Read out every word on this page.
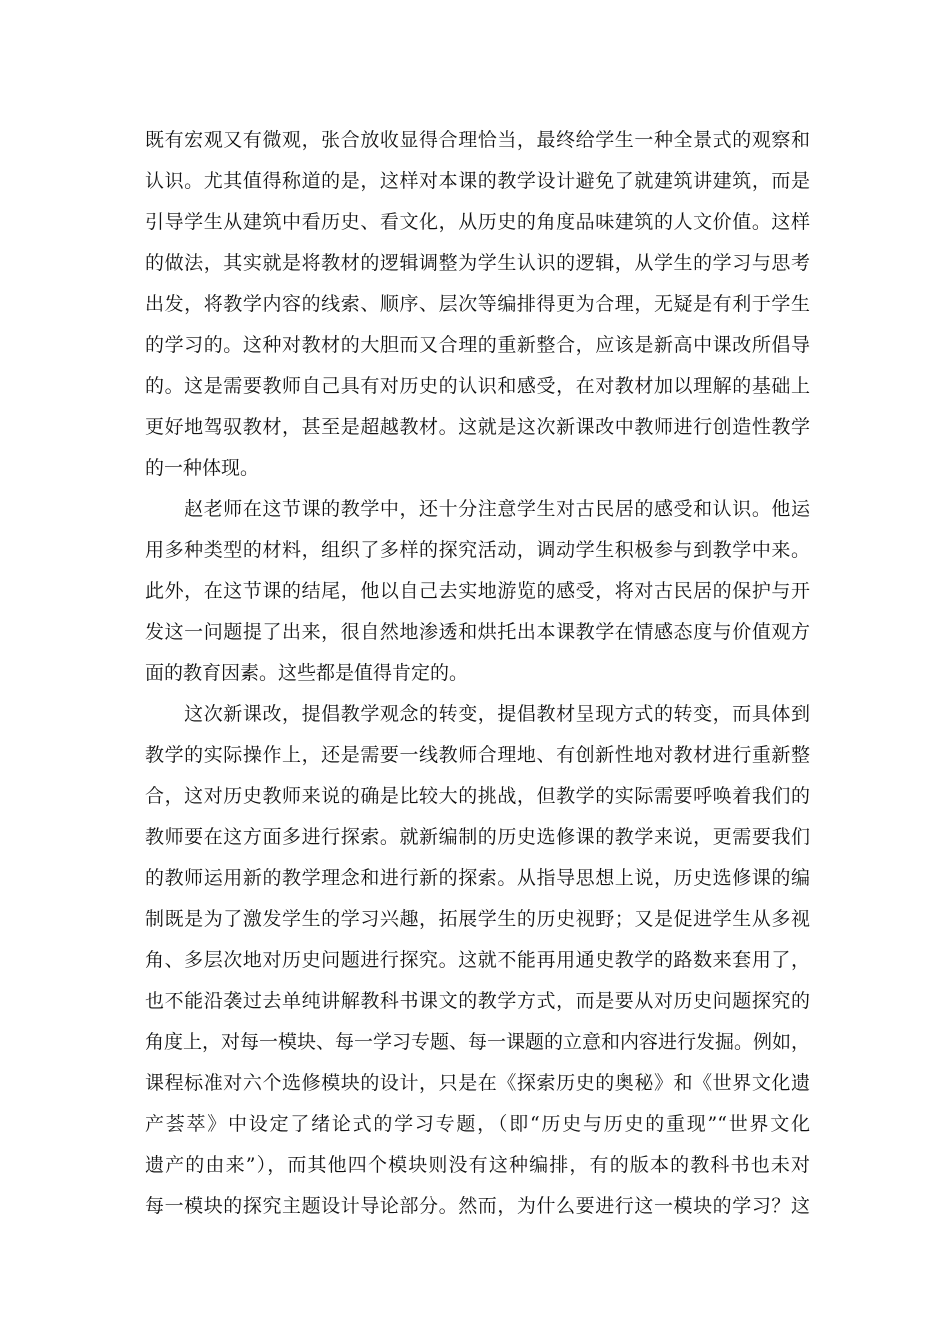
既有宏观又有微观，张合放收显得合理恰当，最终给学生一种全景式的观察和
认识。尤其值得称道的是，这样对本课的教学设计避免了就建筑讲建筑，而是
引导学生从建筑中看历史、看文化，从历史的角度品味建筑的人文价值。这样
的做法，其实就是将教材的逻辑调整为学生认识的逻辑，从学生的学习与思考
出发，将教学内容的线索、顺序、层次等编排得更为合理，无疑是有利于学生
的学习的。这种对教材的大胆而又合理的重新整合，应该是新高中课改所倡导
的。这是需要教师自己具有对历史的认识和感受，在对教材加以理解的基础上
更好地驾驭教材，甚至是超越教材。这就是这次新课改中教师进行创造性教学
的一种体现。
　　赵老师在这节课的教学中，还十分注意学生对古民居的感受和认识。他运
用多种类型的材料，组织了多样的探究活动，调动学生积极参与到教学中来。
此外，在这节课的结尾，他以自己去实地游览的感受，将对古民居的保护与开
发这一问题提了出来，很自然地渗透和烘托出本课教学在情感态度与价值观方
面的教育因素。这些都是值得肯定的。
　　这次新课改，提倡教学观念的转变，提倡教材呈现方式的转变，而具体到
教学的实际操作上，还是需要一线教师合理地、有创新性地对教材进行重新整
合，这对历史教师来说的确是比较大的挑战，但教学的实际需要呼唤着我们的
教师要在这方面多进行探索。就新编制的历史选修课的教学来说，更需要我们
的教师运用新的教学理念和进行新的探索。从指导思想上说，历史选修课的编
制既是为了激发学生的学习兴趣，拓展学生的历史视野；又是促进学生从多视
角、多层次地对历史问题进行探究。这就不能再用通史教学的路数来套用了，
也不能沿袭过去单纯讲解教科书课文的教学方式，而是要从对历史问题探究的
角度上，对每一模块、每一学习专题、每一课题的立意和内容进行发掘。例如，
课程标准对六个选修模块的设计，只是在《探索历史的奥秘》和《世界文化遗
产荟萃》中设定了绪论式的学习专题，（即“历史与历史的重现”“世界文化
遗产的由来”），而其他四个模块则没有这种编排，有的版本的教科书也未对
每一模块的探究主题设计导论部分。然而，为什么要进行这一模块的学习？这
